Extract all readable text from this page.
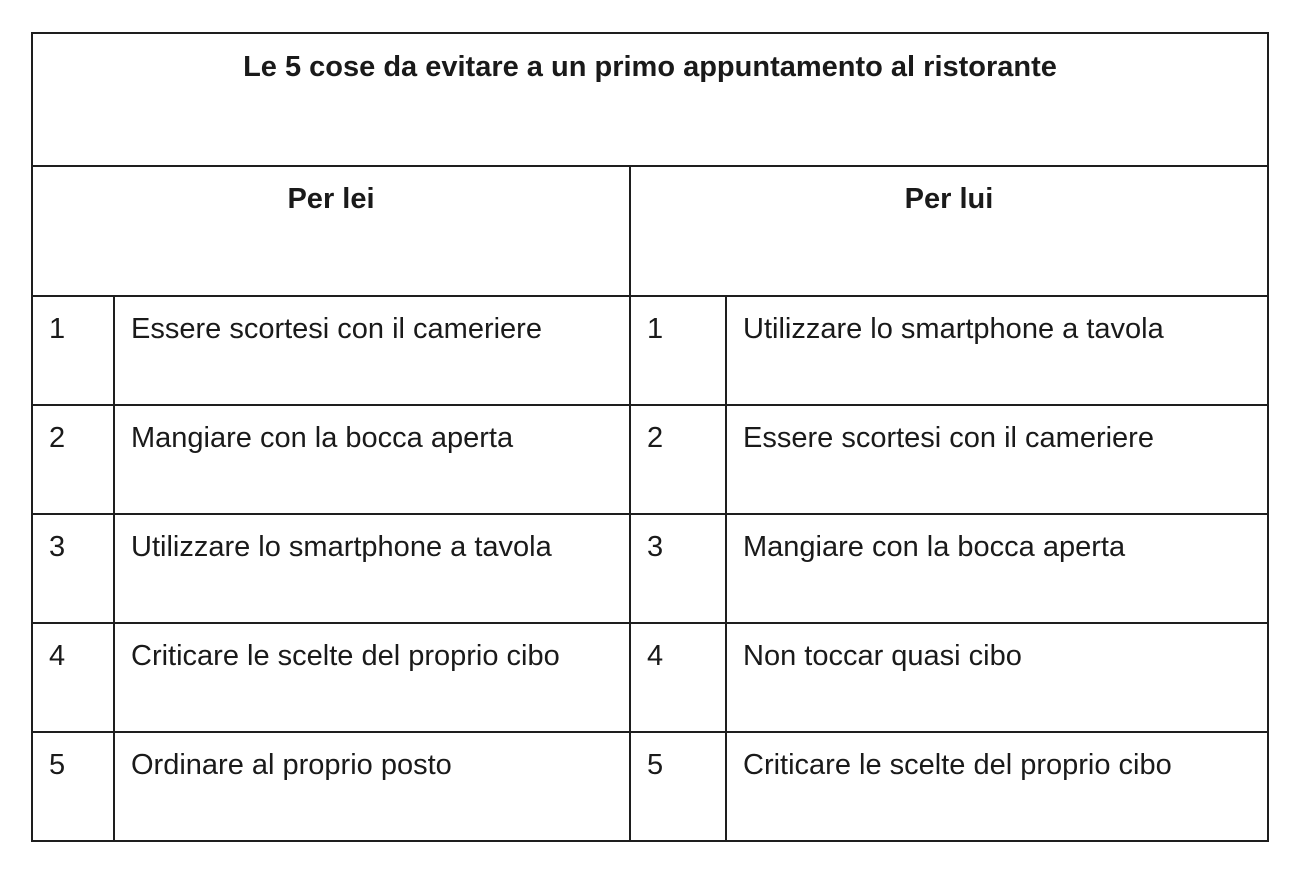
Le 5 cose da evitare a un primo appuntamento al ristorante			

Per lei		Per lui	

1	Essere scortesi con il cameriere	1	Utilizzare lo smartphone a tavola

2	Mangiare con la bocca aperta	2	Essere scortesi con il cameriere

3	Utilizzare lo smartphone a tavola	3	Mangiare con la bocca aperta

4	Criticare le scelte del proprio cibo	4	Non toccar quasi cibo

5	Ordinare al proprio posto	5	Criticare le scelte del proprio cibo
